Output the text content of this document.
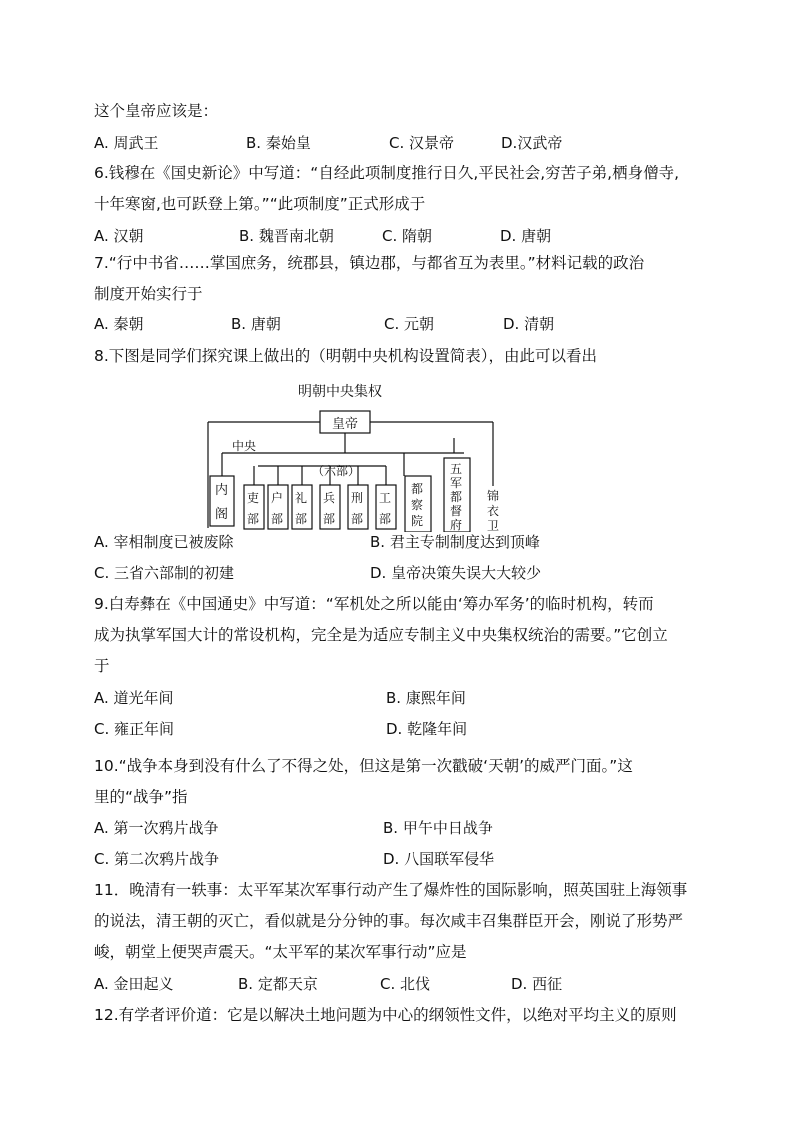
这个皇帝应该是：
A. 周武王	B. 秦始皇	C. 汉景帝	D.汉武帝
6.钱穆在《国史新论》中写道：“自经此项制度推行日久,平民社会,穷苦子弟,栖身僧寺,
十年寒窗,也可跃登上第。”“此项制度”正式形成于
A. 汉朝	B. 魏晋南北朝	C. 隋朝	D. 唐朝
7.“行中书省……掌国庶务，统郡县，镇边郡，与都省互为表里。”材料记载的政治
制度开始实行于
A. 秦朝	B. 唐朝	C. 元朝	D. 清朝
8.下图是同学们探究课上做出的（明朝中央机构设置简表），由此可以看出
明朝中央集权
皇帝
中央
（六部）
内
阁
吏 户 礼 兵 刑 工
部 部 部 部 部 部
都
察
院
五
军
都
督
府
锦
衣
卫
A. 宰相制度已被废除	B. 君主专制制度达到顶峰
C. 三省六部制的初建	D. 皇帝决策失误大大较少
9.白寿彝在《中国通史》中写道：“军机处之所以能由‘筹办军务’的临时机构，转而
成为执掌军国大计的常设机构，完全是为适应专制主义中央集权统治的需要。”它创立
于
A. 道光年间	B. 康熙年间
C. 雍正年间	D. 乾隆年间
10.“战争本身到没有什么了不得之处，但这是第一次戳破‘天朝’的威严门面。”这
里的“战争”指
A. 第一次鸦片战争	B. 甲午中日战争
C. 第二次鸦片战争	D. 八国联军侵华
11．晚清有一轶事：太平军某次军事行动产生了爆炸性的国际影响，照英国驻上海领事
的说法，清王朝的灭亡，看似就是分分钟的事。每次咸丰召集群臣开会，刚说了形势严
峻，朝堂上便哭声震天。“太平军的某次军事行动”应是
A. 金田起义	B. 定都天京	C. 北伐	D. 西征
12.有学者评价道：它是以解决土地问题为中心的纲领性文件，以绝对平均主义的原则
